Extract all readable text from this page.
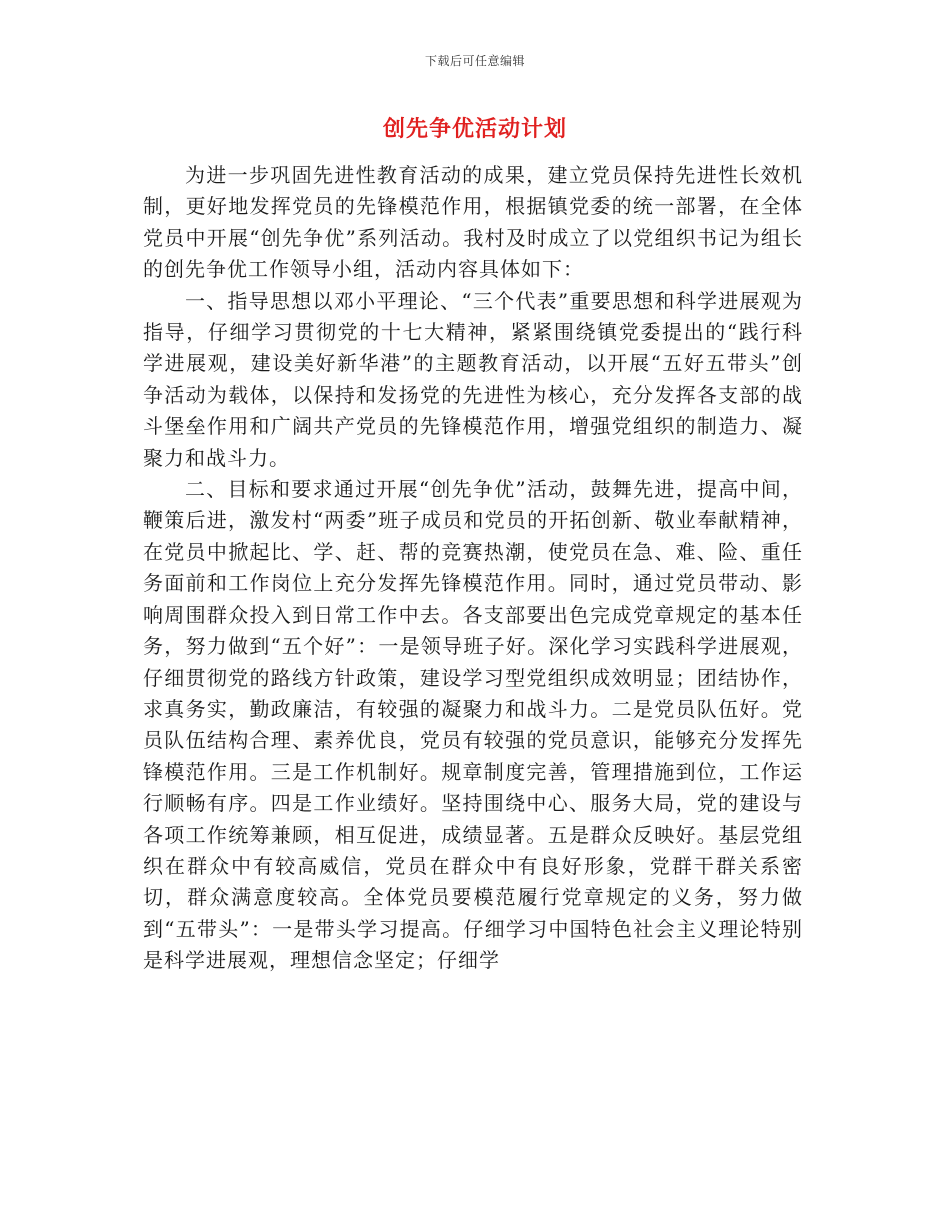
下载后可任意编辑
创先争优活动计划

为进一步巩固先进性教育活动的成果，建立党员保持先进性长效机制，更好地发挥党员的先锋模范作用，根据镇党委的统一部署，在全体党员中开展“创先争优”系列活动。我村及时成立了以党组织书记为组长的创先争优工作领导小组，活动内容具体如下：

一、指导思想以邓小平理论、“三个代表”重要思想和科学进展观为指导，仔细学习贯彻党的十七大精神，紧紧围绕镇党委提出的“践行科学进展观，建设美好新华港”的主题教育活动，以开展“五好五带头”创争活动为载体，以保持和发扬党的先进性为核心，充分发挥各支部的战斗堡垒作用和广阔共产党员的先锋模范作用，增强党组织的制造力、凝聚力和战斗力。

二、目标和要求通过开展“创先争优”活动，鼓舞先进，提高中间，鞭策后进，激发村“两委”班子成员和党员的开拓创新、敬业奉献精神，在党员中掀起比、学、赶、帮的竞赛热潮，使党员在急、难、险、重任务面前和工作岗位上充分发挥先锋模范作用。同时，通过党员带动、影响周围群众投入到日常工作中去。各支部要出色完成党章规定的基本任务，努力做到“五个好”：一是领导班子好。深化学习实践科学进展观，仔细贯彻党的路线方针政策，建设学习型党组织成效明显；团结协作，求真务实，勤政廉洁，有较强的凝聚力和战斗力。二是党员队伍好。党员队伍结构合理、素养优良，党员有较强的党员意识，能够充分发挥先锋模范作用。三是工作机制好。规章制度完善，管理措施到位，工作运行顺畅有序。四是工作业绩好。坚持围绕中心、服务大局，党的建设与各项工作统筹兼顾，相互促进，成绩显著。五是群众反映好。基层党组织在群众中有较高威信，党员在群众中有良好形象，党群干群关系密切，群众满意度较高。全体党员要模范履行党章规定的义务，努力做到“五带头”：一是带头学习提高。仔细学习中国特色社会主义理论特别是科学进展观，理想信念坚定；仔细学
